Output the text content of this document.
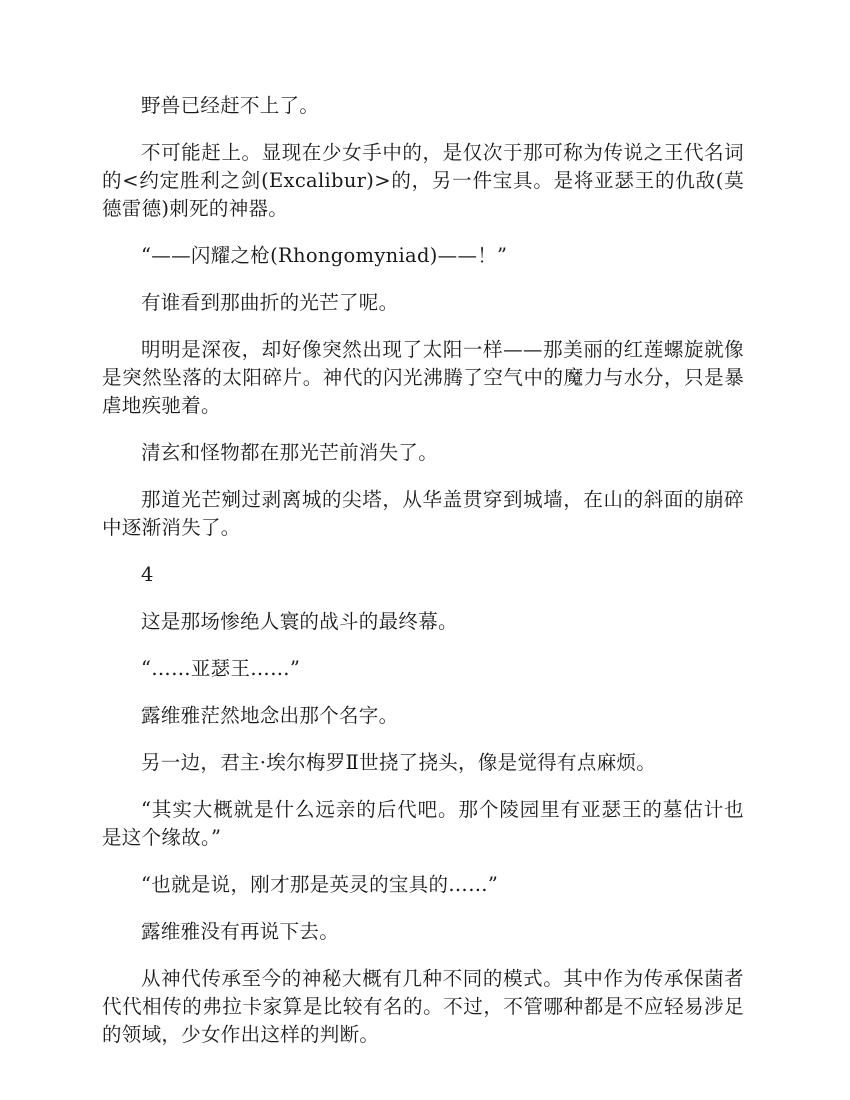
野兽已经赶不上了。

不可能赶上。显现在少女手中的，是仅次于那可称为传说之王代名词的<约定胜利之剑(Excalibur)>的，另一件宝具。是将亚瑟王的仇敌(莫德雷德)刺死的神器。

“——闪耀之枪(Rhongomyniad)——！”

有谁看到那曲折的光芒了呢。

明明是深夜，却好像突然出现了太阳一样——那美丽的红莲螺旋就像是突然坠落的太阳碎片。神代的闪光沸腾了空气中的魔力与水分，只是暴虐地疾驰着。

清玄和怪物都在那光芒前消失了。

那道光芒剜过剥离城的尖塔，从华盖贯穿到城墙，在山的斜面的崩碎中逐渐消失了。

4

这是那场惨绝人寰的战斗的最终幕。

“……亚瑟王……”

露维雅茫然地念出那个名字。

另一边，君主·埃尔梅罗Ⅱ世挠了挠头，像是觉得有点麻烦。

“其实大概就是什么远亲的后代吧。那个陵园里有亚瑟王的墓估计也是这个缘故。”

“也就是说，刚才那是英灵的宝具的……”

露维雅没有再说下去。

从神代传承至今的神秘大概有几种不同的模式。其中作为传承保菌者代代相传的弗拉卡家算是比较有名的。不过，不管哪种都是不应轻易涉足的领域，少女作出这样的判断。
